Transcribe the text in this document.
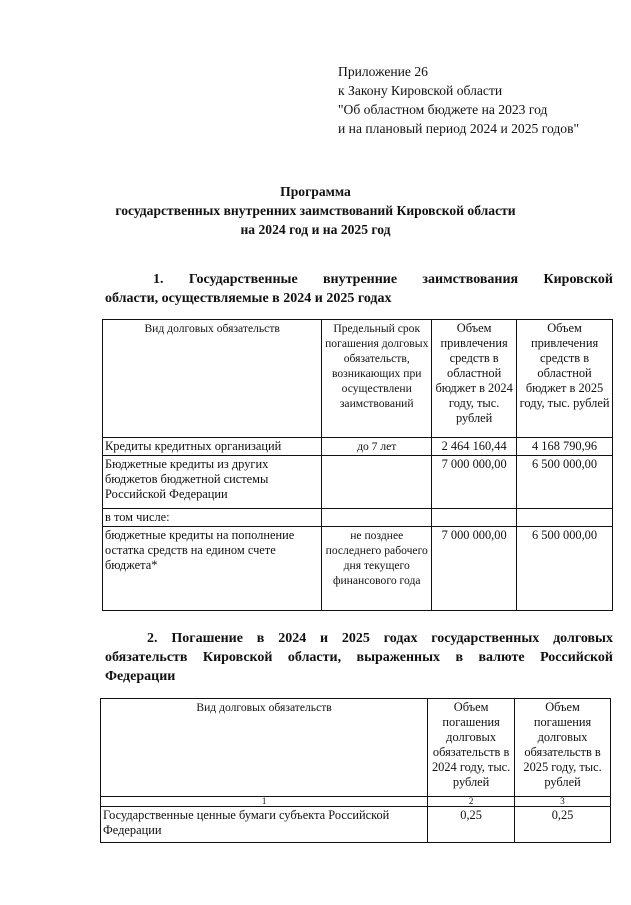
Приложение 26
к Закону Кировской области
"Об областном бюджете на 2023 год
и на плановый период 2024 и 2025 годов"
Программа
государственных внутренних заимствований Кировской области
на 2024 год и на 2025 год
1. Государственные внутренние заимствования Кировской
области, осуществляемые в 2024 и 2025 годах
Вид долговых обязательств	Предельный срок погашения долговых обязательств, возникающих при осуществлени заимствований	Объем привлечения средств в областной бюджет в 2024 году, тыс. рублей	Объем привлечения средств в областной бюджет в 2025 году, тыс. рублей
Кредиты кредитных организаций	до 7 лет	2 464 160,44	4 168 790,96
Бюджетные кредиты из других бюджетов бюджетной системы Российской Федерации		7 000 000,00	6 500 000,00
в том числе:			
бюджетные кредиты на пополнение остатка средств на едином счете бюджета*	не позднее последнего рабочего дня текущего финансового года	7 000 000,00	6 500 000,00
2. Погашение в 2024 и 2025 годах государственных долговых
обязательств Кировской области, выраженных в валюте Российской
Федерации
Вид долговых обязательств	Объем погашения долговых обязательств в 2024 году, тыс. рублей	Объем погашения долговых обязательств в 2025 году, тыс. рублей
1	2	3
Государственные ценные бумаги субъекта Российской Федерации	0,25	0,25
